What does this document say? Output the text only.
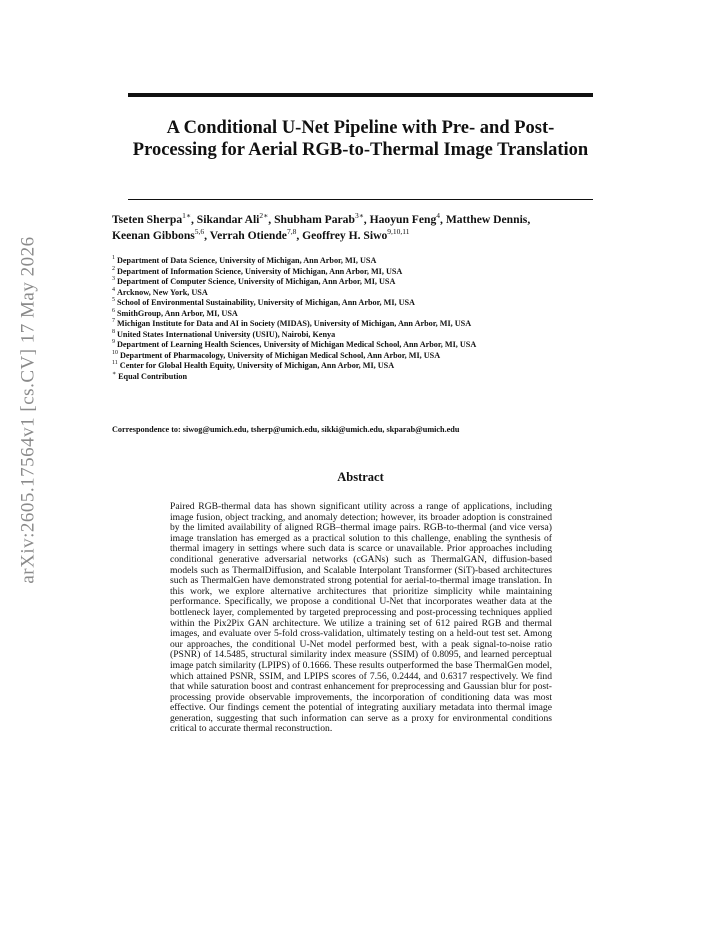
arXiv:2605.17564v1 [cs.CV] 17 May 2026
A Conditional U-Net Pipeline with Pre- and Post-Processing for Aerial RGB-to-Thermal Image Translation
Tseten Sherpa$^{1∗}$, Sikandar Ali$^{2∗}$, Shubham Parab$^{3∗}$, Haoyun Feng$^4$, Matthew Dennis,
Keenan Gibbons$^{5,6}$, Verrah Otiende$^{7,8}$, Geoffrey H. Siwo$^{9,10,11}$
$^1$ Department of Data Science, University of Michigan, Ann Arbor, MI, USA
$^2$ Department of Information Science, University of Michigan, Ann Arbor, MI, USA
$^3$ Department of Computer Science, University of Michigan, Ann Arbor, MI, USA
$^4$ Arcknow, New York, USA
$^5$ School of Environmental Sustainability, University of Michigan, Ann Arbor, MI, USA
$^6$ SmithGroup, Ann Arbor, MI, USA
$^7$ Michigan Institute for Data and AI in Society (MIDAS), University of Michigan, Ann Arbor, MI, USA
$^8$ United States International University (USIU), Nairobi, Kenya
$^9$ Department of Learning Health Sciences, University of Michigan Medical School, Ann Arbor, MI, USA
$^{10}$ Department of Pharmacology, University of Michigan Medical School, Ann Arbor, MI, USA
$^{11}$ Center for Global Health Equity, University of Michigan, Ann Arbor, MI, USA
∗ Equal Contribution
Correspondence to: siwog@umich.edu, tsherp@umich.edu, sikki@umich.edu, skparab@umich.edu
Abstract
Paired RGB-thermal data has shown significant utility across a range of applications, including image fusion, object tracking, and anomaly detection; however, its broader adoption is constrained by the limited availability of aligned RGB–thermal image pairs. RGB-to-thermal (and vice versa) image translation has emerged as a practical solution to this challenge, enabling the synthesis of thermal imagery in settings where such data is scarce or unavailable. Prior approaches including conditional generative adversarial networks (cGANs) such as ThermalGAN, diffusion-based models such as ThermalDiffusion, and Scalable Interpolant Transformer (SiT)-based architectures such as ThermalGen have demonstrated strong potential for aerial-to-thermal image translation. In this work, we explore alternative architectures that prioritize simplicity while maintaining performance. Specifically, we propose a conditional U-Net that incorporates weather data at the bottleneck layer, complemented by targeted preprocessing and post-processing techniques applied within the Pix2Pix GAN architecture. We utilize a training set of 612 paired RGB and thermal images, and evaluate over 5-fold cross-validation, ultimately testing on a held-out test set. Among our approaches, the conditional U-Net model performed best, with a peak signal-to-noise ratio (PSNR) of 14.5485, structural similarity index measure (SSIM) of 0.8095, and learned perceptual image patch similarity (LPIPS) of 0.1666. These results outperformed the base ThermalGen model, which attained PSNR, SSIM, and LPIPS scores of 7.56, 0.2444, and 0.6317 respectively. We find that while saturation boost and contrast enhancement for preprocessing and Gaussian blur for post-processing provide observable improvements, the incorporation of conditioning data was most effective. Our findings cement the potential of integrating auxiliary metadata into thermal image generation, suggesting that such information can serve as a proxy for environmental conditions critical to accurate thermal reconstruction.
